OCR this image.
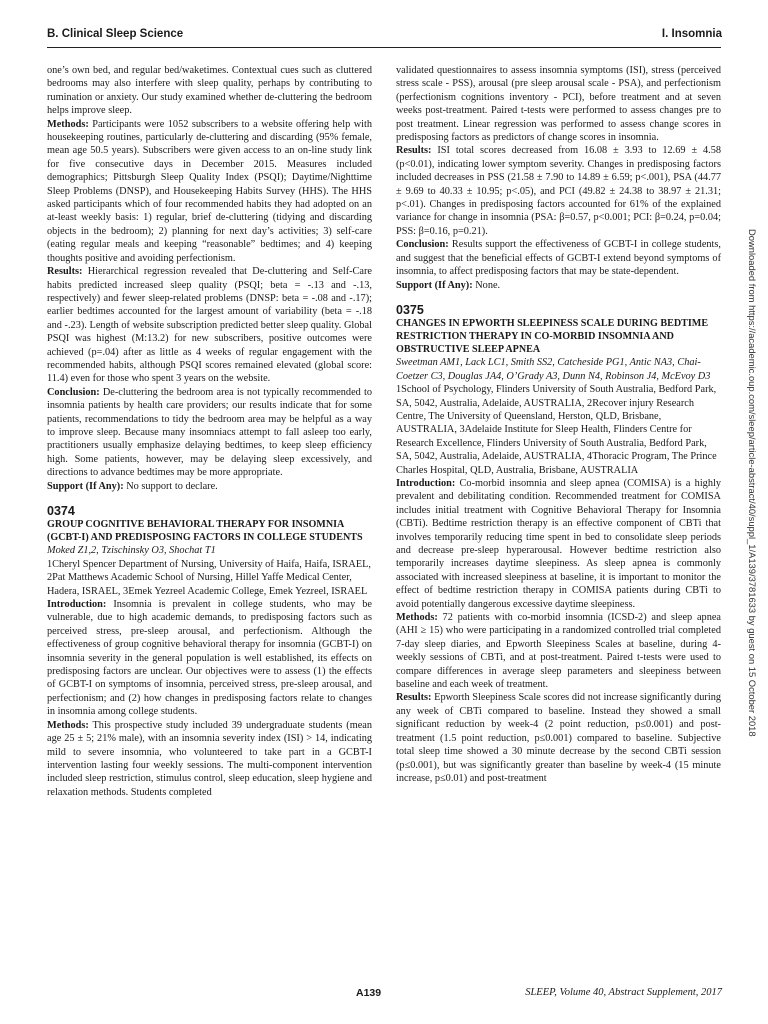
B. Clinical Sleep Science	I. Insomnia

one’s own bed, and regular bed/waketimes. Contextual cues such as cluttered bedrooms may also interfere with sleep quality, perhaps by contributing to rumination or anxiety. Our study examined whether de-cluttering the bedroom helps improve sleep.

Methods: Participants were 1052 subscribers to a website offering help with housekeeping routines, particularly de-cluttering and discarding (95% female, mean age 50.5 years). Subscribers were given access to an on-line study link for five consecutive days in December 2015. Measures included demographics; Pittsburgh Sleep Quality Index (PSQI); Daytime/Nighttime Sleep Problems (DNSP), and Housekeeping Habits Survey (HHS). The HHS asked participants which of four recommended habits they had adopted on an at-least weekly basis: 1) regular, brief de-cluttering (tidying and discarding objects in the bedroom); 2) planning for next day’s activities; 3) self-care (eating regular meals and keeping “reasonable” bedtimes; and 4) keeping thoughts positive and avoiding perfectionism.

Results: Hierarchical regression revealed that De-cluttering and Self-Care habits predicted increased sleep quality (PSQI; beta = -.13 and -.13, respectively) and fewer sleep-related problems (DNSP: beta = -.08 and -.17); earlier bedtimes accounted for the largest amount of variability (beta = -.18 and -.23). Length of website subscription predicted better sleep quality. Global PSQI was highest (M:13.2) for new subscribers, positive outcomes were achieved (p=.04) after as little as 4 weeks of regular engagement with the recommended habits, although PSQI scores remained elevated (global score: 11.4) even for those who spent 3 years on the website.

Conclusion: De-cluttering the bedroom area is not typically recommended to insomnia patients by health care providers; our results indicate that for some patients, recommendations to tidy the bedroom area may be helpful as a way to improve sleep. Because many insomniacs attempt to fall asleep too early, practitioners usually emphasize delaying bedtimes, to keep sleep efficiency high. Some patients, however, may be delaying sleep excessively, and directions to advance bedtimes may be more appropriate.

Support (If Any): No support to declare.

0374

GROUP COGNITIVE BEHAVIORAL THERAPY FOR INSOMNIA (GCBT-I) AND PREDISPOSING FACTORS IN COLLEGE STUDENTS

Moked Z1,2, Tzischinsky O3, Shochat T1

1Cheryl Spencer Department of Nursing, University of Haifa, Haifa, ISRAEL, 2Pat Matthews Academic School of Nursing, Hillel Yaffe Medical Center, Hadera, ISRAEL, 3Emek Yezreel Academic College, Emek Yezreel, ISRAEL

Introduction: Insomnia is prevalent in college students, who may be vulnerable, due to high academic demands, to predisposing factors such as perceived stress, pre-sleep arousal, and perfectionism. Although the effectiveness of group cognitive behavioral therapy for insomnia (GCBT-I) on insomnia severity in the general population is well established, its effects on predisposing factors are unclear. Our objectives were to assess (1) the effects of GCBT-I on symptoms of insomnia, perceived stress, pre-sleep arousal, and perfectionism; and (2) how changes in predisposing factors relate to changes in insomnia among college students.

Methods: This prospective study included 39 undergraduate students (mean age 25 ± 5; 21% male), with an insomnia severity index (ISI) > 14, indicating mild to severe insomnia, who volunteered to take part in a GCBT-I intervention lasting four weekly sessions. The multi-component intervention included sleep restriction, stimulus control, sleep education, sleep hygiene and relaxation methods. Students completed

validated questionnaires to assess insomnia symptoms (ISI), stress (perceived stress scale - PSS), arousal (pre sleep arousal scale - PSA), and perfectionism (perfectionism cognitions inventory - PCI), before treatment and at seven weeks post-treatment. Paired t-tests were performed to assess changes pre to post treatment. Linear regression was performed to assess change scores in predisposing factors as predictors of change scores in insomnia.

Results: ISI total scores decreased from 16.08 ± 3.93 to 12.69 ± 4.58 (p<0.01), indicating lower symptom severity. Changes in predisposing factors included decreases in PSS (21.58 ± 7.90 to 14.89 ± 6.59; p<.001), PSA (44.77 ± 9.69 to 40.33 ± 10.95; p<.05), and PCI (49.82 ± 24.38 to 38.97 ± 21.31; p<.01). Changes in predisposing factors accounted for 61% of the explained variance for change in insomnia (PSA: β=0.57, p<0.001; PCI: β=0.24, p=0.04; PSS: β=0.16, p=0.21).

Conclusion: Results support the effectiveness of GCBT-I in college students, and suggest that the beneficial effects of GCBT-I extend beyond symptoms of insomnia, to affect predisposing factors that may be state-dependent.

Support (If Any): None.

0375

CHANGES IN EPWORTH SLEEPINESS SCALE DURING BEDTIME RESTRICTION THERAPY IN CO-MORBID INSOMNIA AND OBSTRUCTIVE SLEEP APNEA

Sweetman AM1, Lack LC1, Smith SS2, Catcheside PG1, Antic NA3, Chai-Coetzer C3, Douglas JA4, O’Grady A3, Dunn N4, Robinson J4, McEvoy D3

1School of Psychology, Flinders University of South Australia, Bedford Park, SA, 5042, Australia, Adelaide, AUSTRALIA, 2Recover injury Research Centre, The University of Queensland, Herston, QLD, Brisbane, AUSTRALIA, 3Adelaide Institute for Sleep Health, Flinders Centre for Research Excellence, Flinders University of South Australia, Bedford Park, SA, 5042, Australia, Adelaide, AUSTRALIA, 4Thoracic Program, The Prince Charles Hospital, QLD, Australia, Brisbane, AUSTRALIA

Introduction: Co-morbid insomnia and sleep apnea (COMISA) is a highly prevalent and debilitating condition. Recommended treatment for COMISA includes initial treatment with Cognitive Behavioral Therapy for Insomnia (CBTi). Bedtime restriction therapy is an effective component of CBTi that involves temporarily reducing time spent in bed to consolidate sleep periods and decrease pre-sleep hyperarousal. However bedtime restriction also temporarily increases daytime sleepiness. As sleep apnea is commonly associated with increased sleepiness at baseline, it is important to monitor the effect of bedtime restriction therapy in COMISA patients during CBTi to avoid potentially dangerous excessive daytime sleepiness.

Methods: 72 patients with co-morbid insomnia (ICSD-2) and sleep apnea (AHI ≥ 15) who were participating in a randomized controlled trial completed 7-day sleep diaries, and Epworth Sleepiness Scales at baseline, during 4-weekly sessions of CBTi, and at post-treatment. Paired t-tests were used to compare differences in average sleep parameters and sleepiness between baseline and each week of treatment.

Results: Epworth Sleepiness Scale scores did not increase significantly during any week of CBTi compared to baseline. Instead they showed a small significant reduction by week-4 (2 point reduction, p≤0.001) and post-treatment (1.5 point reduction, p≤0.001) compared to baseline. Subjective total sleep time showed a 30 minute decrease by the second CBTi session (p≤0.001), but was significantly greater than baseline by week-4 (15 minute increase, p≤0.01) and post-treatment

Downloaded from https://academic.oup.com/sleep/article-abstract/40/suppl_1/A139/3781633 by guest on 15 October 2018
A139	SLEEP, Volume 40, Abstract Supplement, 2017
